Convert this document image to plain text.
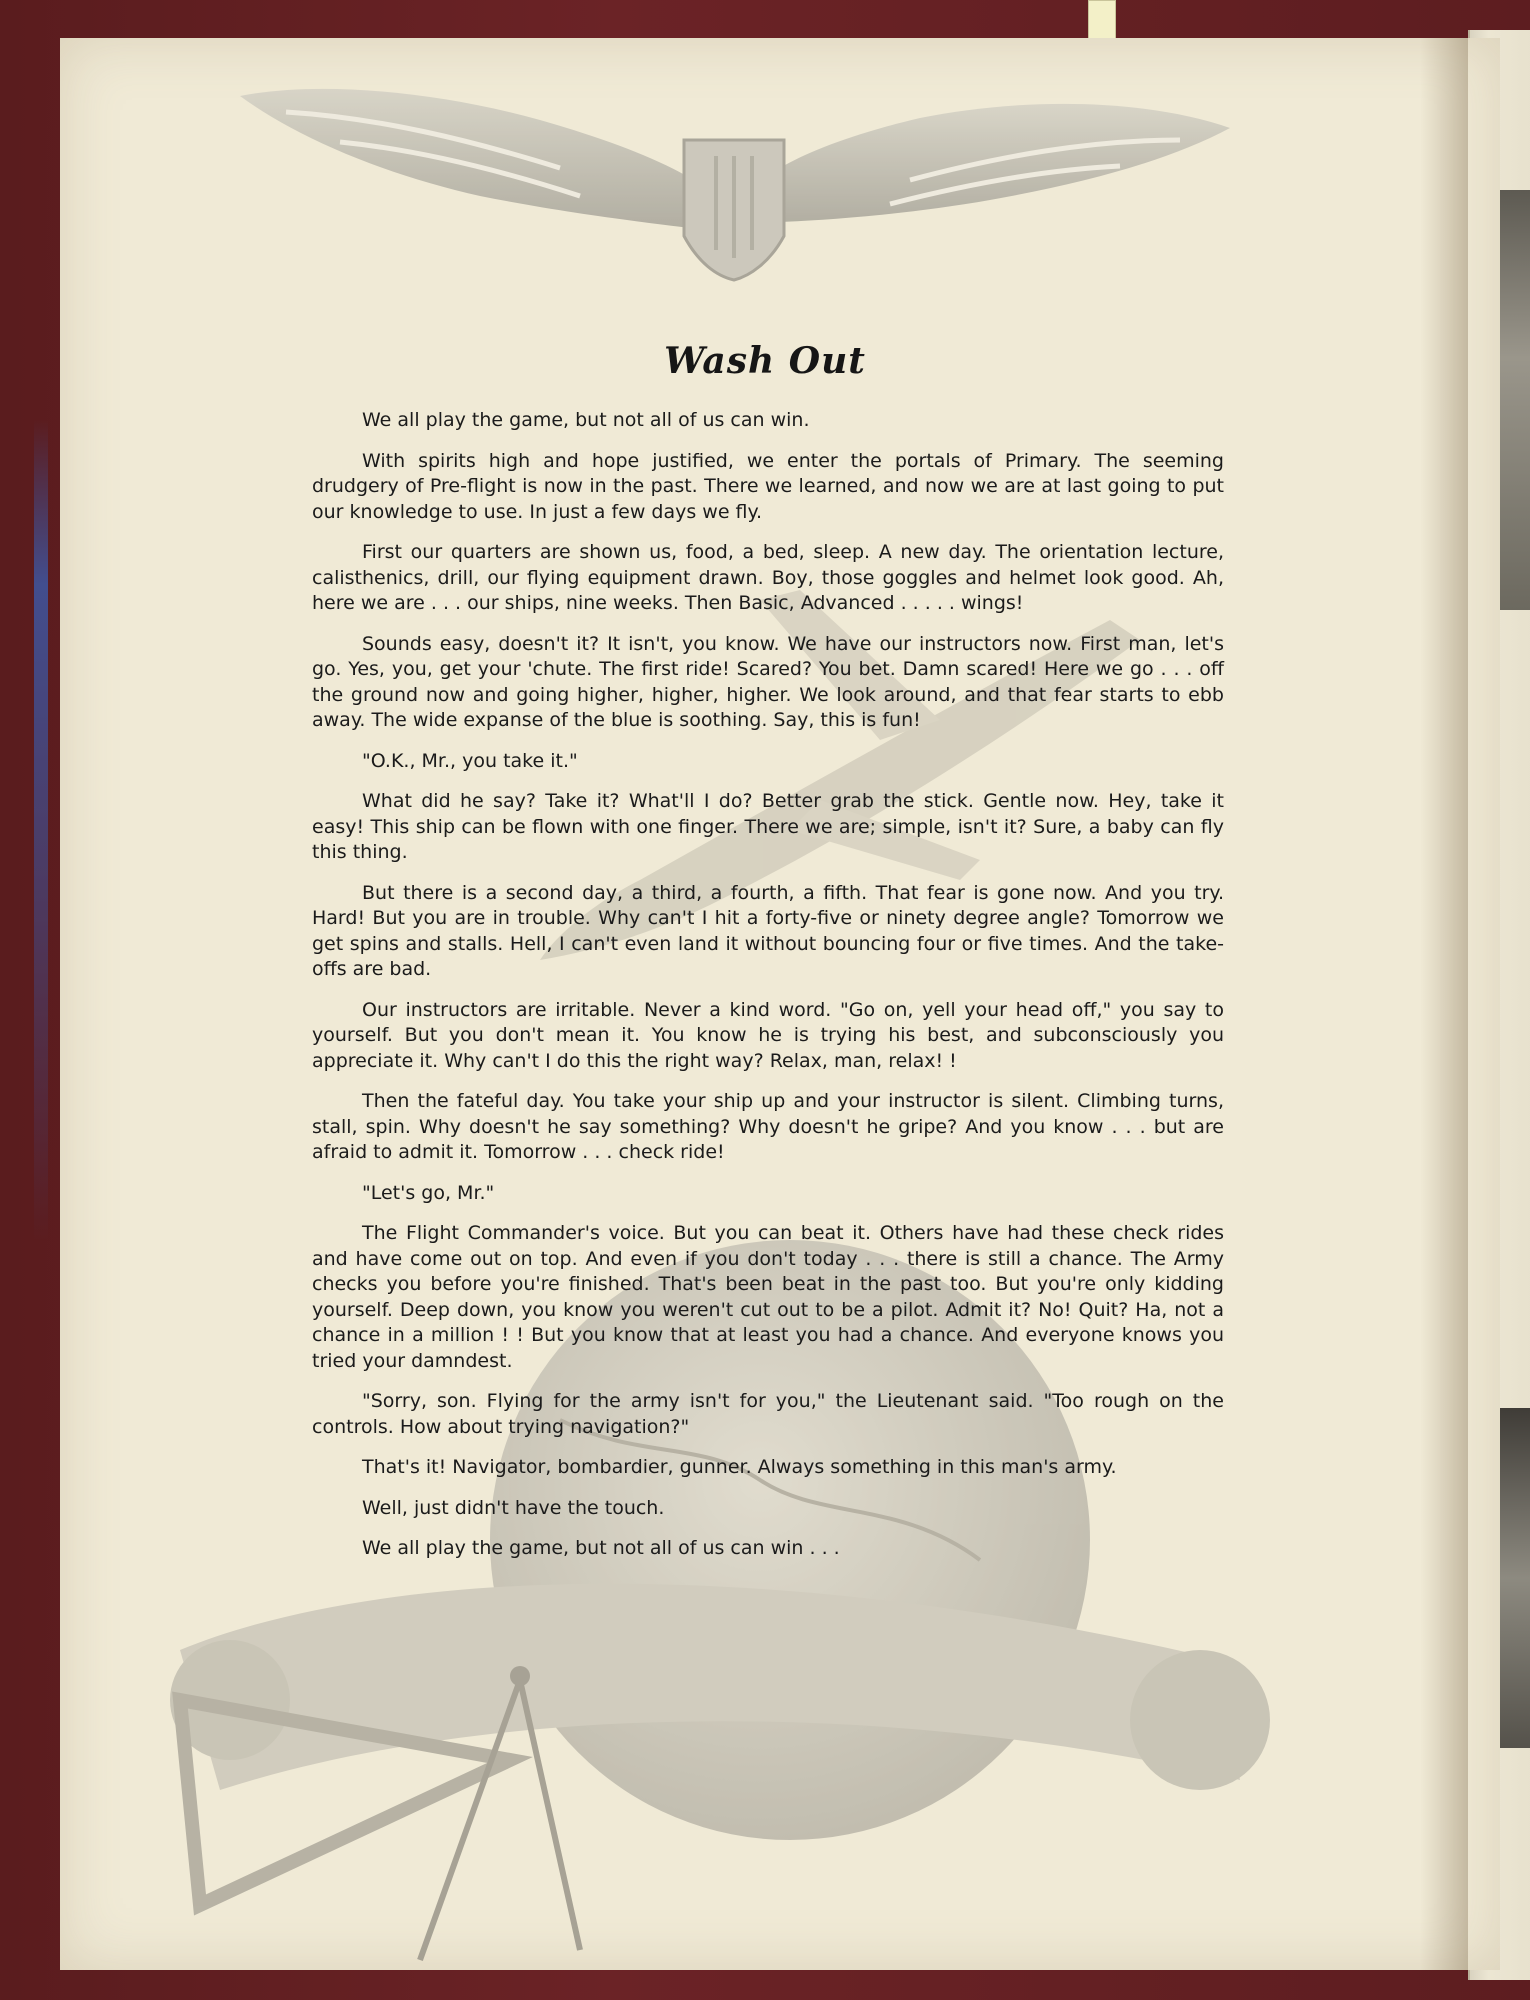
Wash Out

We all play the game, but not all of us can win.

With spirits high and hope justified, we enter the portals of Primary. The seeming drudgery of Pre-flight is now in the past. There we learned, and now we are at last going to put our knowledge to use. In just a few days we fly.

First our quarters are shown us, food, a bed, sleep. A new day. The orientation lecture, calisthenics, drill, our flying equipment drawn. Boy, those goggles and helmet look good. Ah, here we are . . . our ships, nine weeks. Then Basic, Advanced . . . . . wings!

Sounds easy, doesn't it? It isn't, you know. We have our instructors now. First man, let's go. Yes, you, get your 'chute. The first ride! Scared? You bet. Damn scared! Here we go . . . off the ground now and going higher, higher, higher. We look around, and that fear starts to ebb away. The wide expanse of the blue is soothing. Say, this is fun!

"O.K., Mr., you take it."

What did he say? Take it? What'll I do? Better grab the stick. Gentle now. Hey, take it easy! This ship can be flown with one finger. There we are; simple, isn't it? Sure, a baby can fly this thing.

But there is a second day, a third, a fourth, a fifth. That fear is gone now. And you try. Hard! But you are in trouble. Why can't I hit a forty-five or ninety degree angle? Tomorrow we get spins and stalls. Hell, I can't even land it without bouncing four or five times. And the take-offs are bad.

Our instructors are irritable. Never a kind word. "Go on, yell your head off," you say to yourself. But you don't mean it. You know he is trying his best, and subconsciously you appreciate it. Why can't I do this the right way? Relax, man, relax! !

Then the fateful day. You take your ship up and your instructor is silent. Climbing turns, stall, spin. Why doesn't he say something? Why doesn't he gripe? And you know . . . but are afraid to admit it. Tomorrow . . . check ride!

"Let's go, Mr."

The Flight Commander's voice. But you can beat it. Others have had these check rides and have come out on top. And even if you don't today . . . there is still a chance. The Army checks you before you're finished. That's been beat in the past too. But you're only kidding yourself. Deep down, you know you weren't cut out to be a pilot. Admit it? No! Quit? Ha, not a chance in a million ! ! But you know that at least you had a chance. And everyone knows you tried your damndest.

"Sorry, son. Flying for the army isn't for you," the Lieutenant said. "Too rough on the controls. How about trying navigation?"

That's it! Navigator, bombardier, gunner. Always something in this man's army.

Well, just didn't have the touch.

We all play the game, but not all of us can win . . .
